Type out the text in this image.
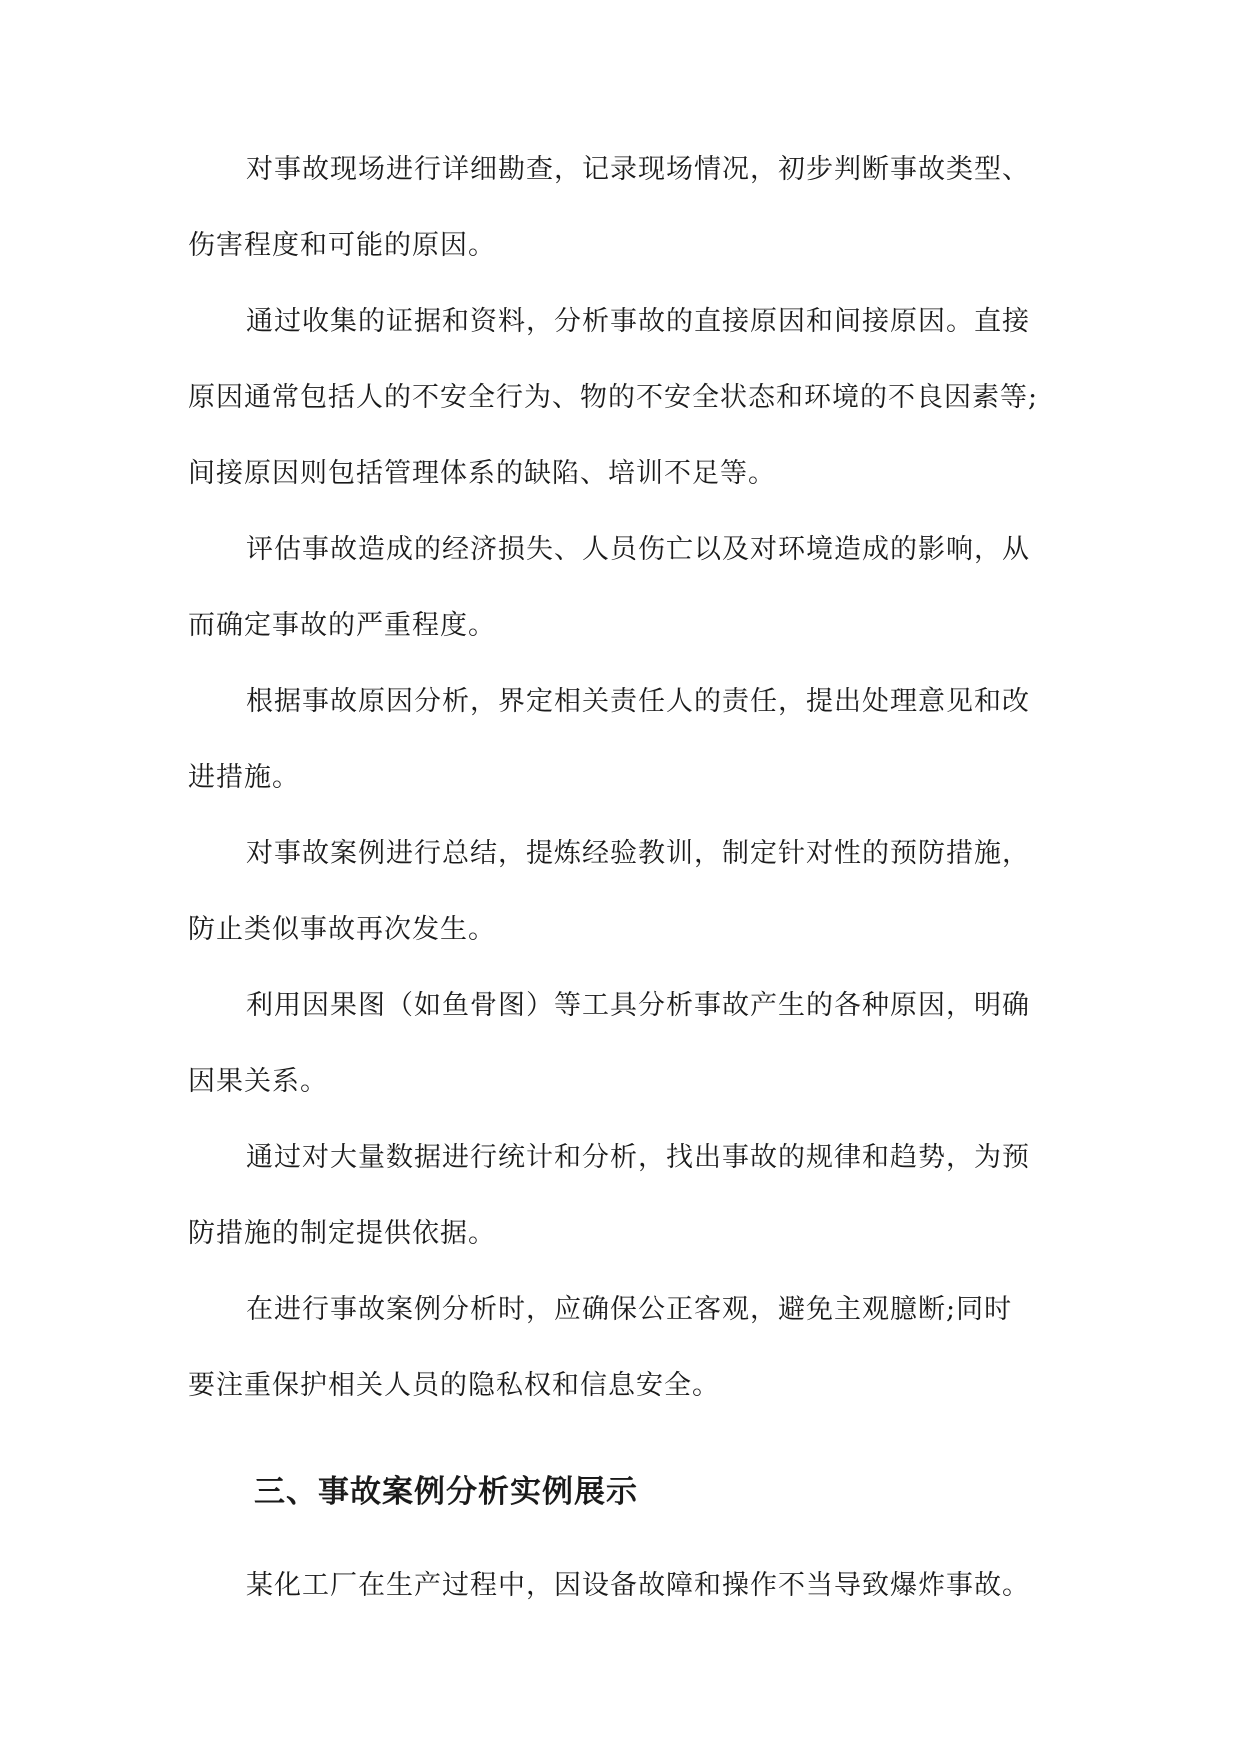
对事故现场进行详细勘查，记录现场情况，初步判断事故类型、
伤害程度和可能的原因。
通过收集的证据和资料，分析事故的直接原因和间接原因。直接
原因通常包括人的不安全行为、物的不安全状态和环境的不良因素等;
间接原因则包括管理体系的缺陷、培训不足等。
评估事故造成的经济损失、人员伤亡以及对环境造成的影响，从
而确定事故的严重程度。
根据事故原因分析，界定相关责任人的责任，提出处理意见和改
进措施。
对事故案例进行总结，提炼经验教训，制定针对性的预防措施，
防止类似事故再次发生。
利用因果图（如鱼骨图）等工具分析事故产生的各种原因，明确
因果关系。
通过对大量数据进行统计和分析，找出事故的规律和趋势，为预
防措施的制定提供依据。
在进行事故案例分析时，应确保公正客观，避免主观臆断;同时
要注重保护相关人员的隐私权和信息安全。
三、事故案例分析实例展示
某化工厂在生产过程中，因设备故障和操作不当导致爆炸事故。
